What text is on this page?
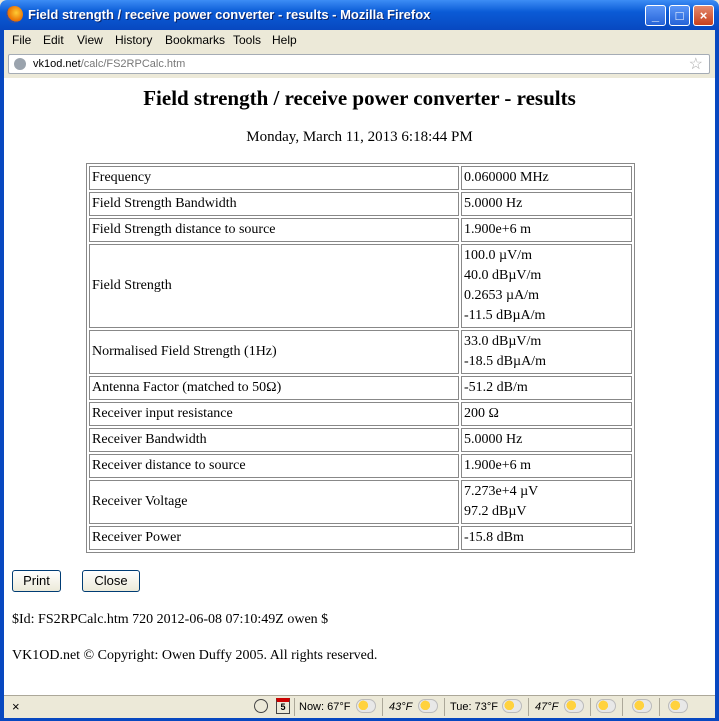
Field strength / receive power converter - results - Mozilla Firefox	_	□	×
File Edit View History Bookmarks Tools Help
vk1od.net/calc/FS2RPCalc.htm	☆
Field strength / receive power converter - results
Monday, March 11, 2013 6:18:44 PM
Frequency	0.060000 MHz

Field Strength Bandwidth	5.0000 Hz

Field Strength distance to source	1.900e+6 m

Field Strength	100.0 µV/m
40.0 dBµV/m
0.2653 µA/m
-11.5 dBµA/m

Normalised Field Strength (1Hz)	33.0 dBµV/m
-18.5 dBµA/m

Antenna Factor (matched to 50Ω)	-51.2 dB/m

Receiver input resistance	200 Ω

Receiver Bandwidth	5.0000 Hz

Receiver distance to source	1.900e+6 m

Receiver Voltage	7.273e+4 µV
97.2 dBµV

Receiver Power	-15.8 dBm
Print	Close
$Id: FS2RPCalc.htm 720 2012-06-08 07:10:49Z owen $
VK1OD.net © Copyright: Owen Duffy 2005. All rights reserved.
×	5	Now: 67°F	43°F	Tue: 73°F	47°F
